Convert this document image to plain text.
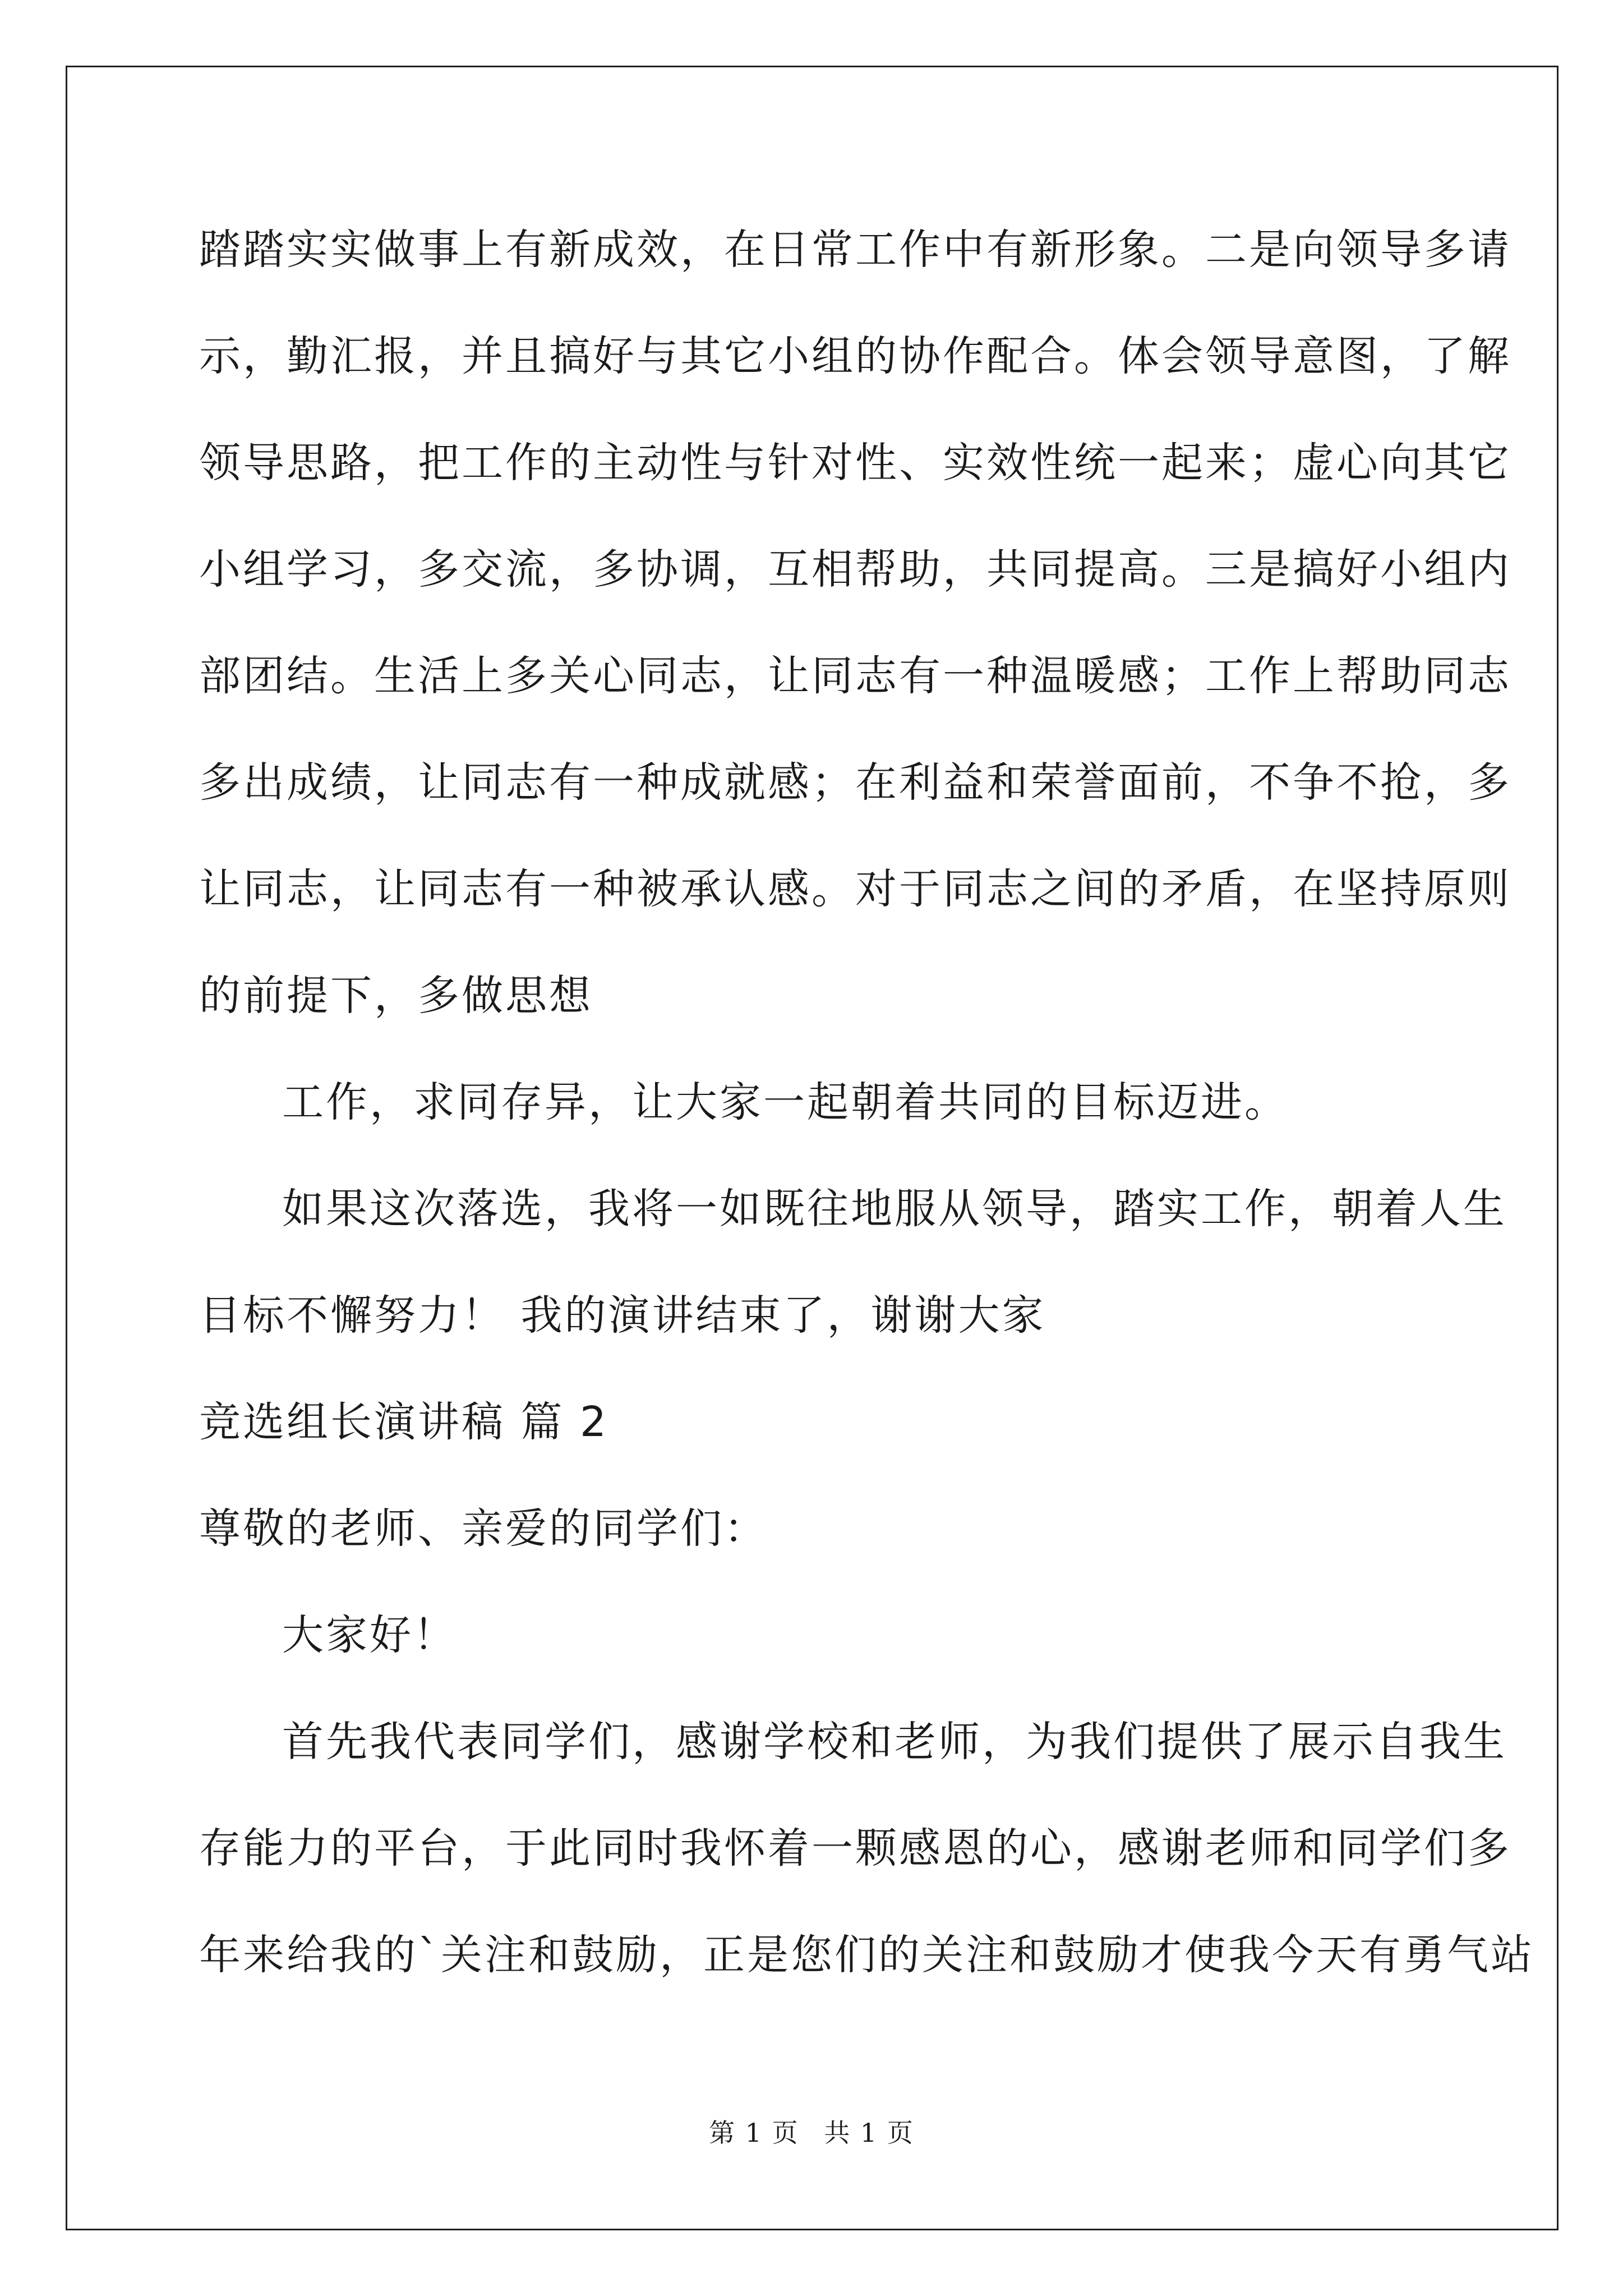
踏踏实实做事上有新成效，在日常工作中有新形象。二是向领导多请
示，勤汇报，并且搞好与其它小组的协作配合。体会领导意图，了解
领导思路，把工作的主动性与针对性、实效性统一起来；虚心向其它
小组学习，多交流，多协调，互相帮助，共同提高。三是搞好小组内
部团结。生活上多关心同志，让同志有一种温暖感；工作上帮助同志
多出成绩，让同志有一种成就感；在利益和荣誉面前，不争不抢，多
让同志，让同志有一种被承认感。对于同志之间的矛盾，在坚持原则
的前提下，多做思想
工作，求同存异，让大家一起朝着共同的目标迈进。
如果这次落选，我将一如既往地服从领导，踏实工作，朝着人生
目标不懈努力！ 我的演讲结束了，谢谢大家
竞选组长演讲稿 篇 2
尊敬的老师、亲爱的同学们：
大家好！
首先我代表同学们，感谢学校和老师，为我们提供了展示自我生
存能力的平台，于此同时我怀着一颗感恩的心，感谢老师和同学们多
年来给我的`关注和鼓励，正是您们的关注和鼓励才使我今天有勇气站
第 1 页 共 1 页
